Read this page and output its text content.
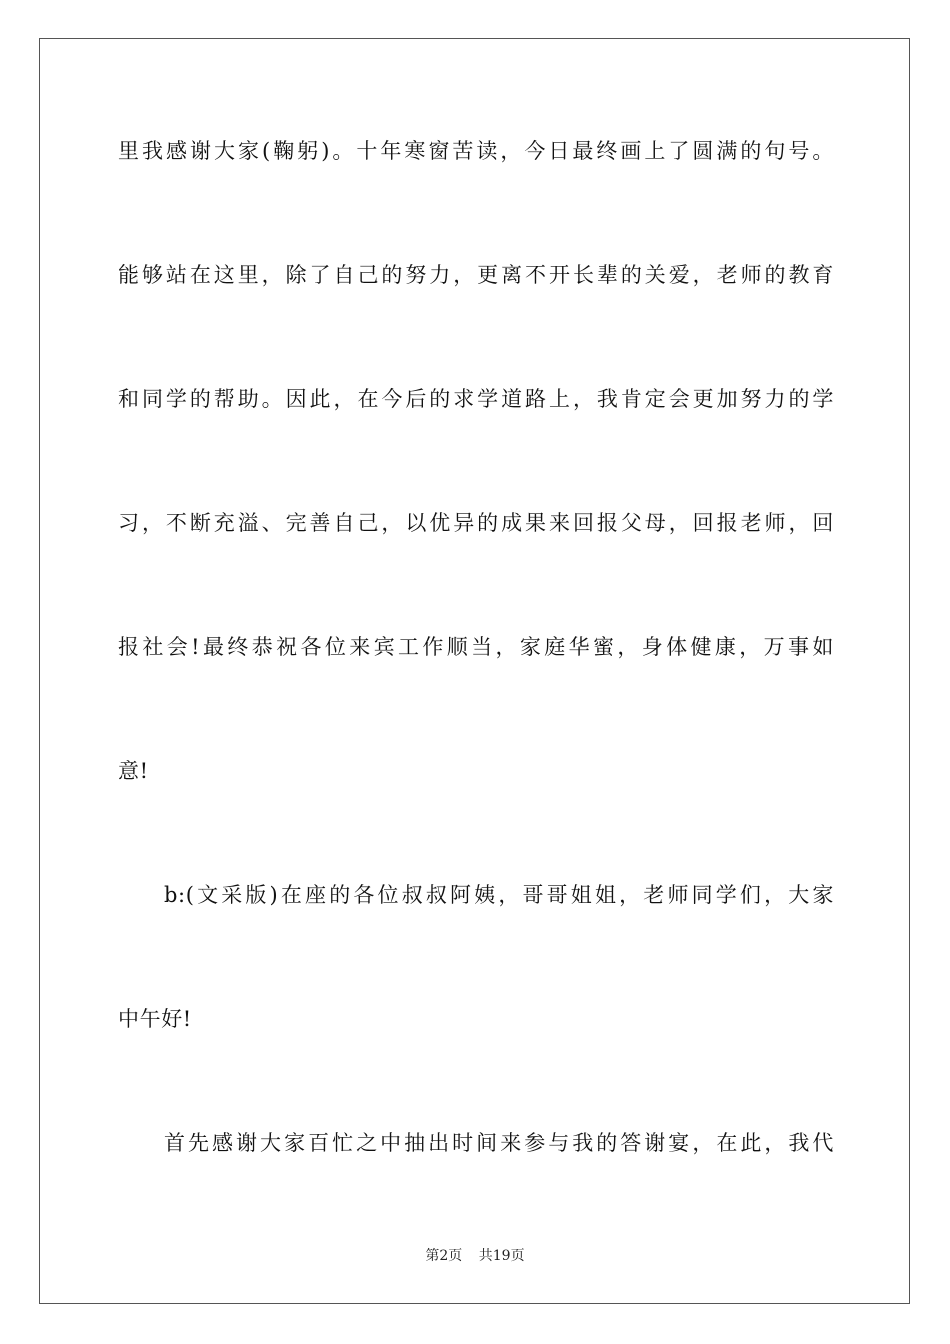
里我感谢大家(鞠躬)。十年寒窗苦读，今日最终画上了圆满的句号。
能够站在这里，除了自己的努力，更离不开长辈的关爱，老师的教育
和同学的帮助。因此，在今后的求学道路上，我肯定会更加努力的学
习，不断充溢、完善自己，以优异的成果来回报父母，回报老师，回
报社会!最终恭祝各位来宾工作顺当，家庭华蜜，身体健康，万事如
意!
b:(文采版)在座的各位叔叔阿姨，哥哥姐姐，老师同学们，大家
中午好!
首先感谢大家百忙之中抽出时间来参与我的答谢宴，在此，我代
第2页 共19页
